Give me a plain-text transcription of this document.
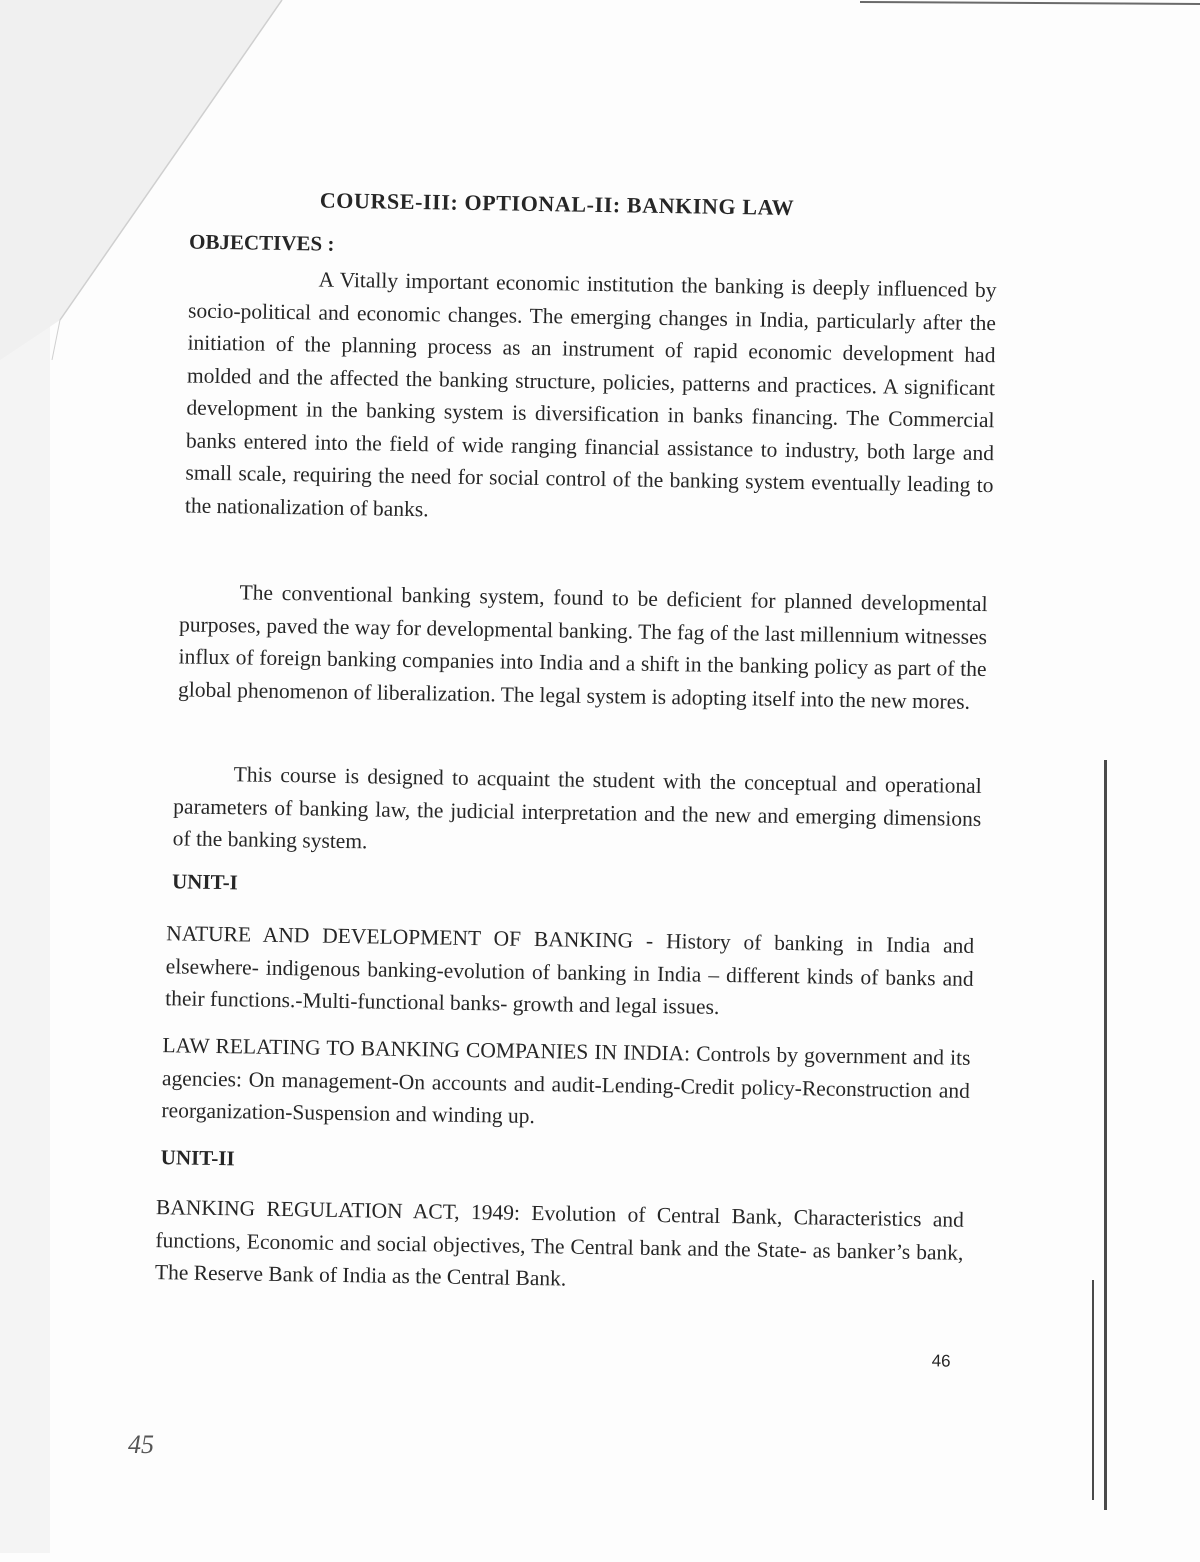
COURSE-III: OPTIONAL-II: BANKING LAW
OBJECTIVES :

A Vitally important economic institution the banking is deeply influenced by socio-political and economic changes. The emerging changes in India, particularly after the initiation of the planning process as an instrument of rapid economic development had molded and the affected the banking structure, policies, patterns and practices. A significant development in the banking system is diversification in banks financing. The Commercial banks entered into the field of wide ranging financial assistance to industry, both large and small scale, requiring the need for social control of the banking system eventually leading to the nationalization of banks.

The conventional banking system, found to be deficient for planned developmental purposes, paved the way for developmental banking. The fag of the last millennium witnesses influx of foreign banking companies into India and a shift in the banking policy as part of the global phenomenon of liberalization. The legal system is adopting itself into the new mores.

This course is designed to acquaint the student with the conceptual and operational parameters of banking law, the judicial interpretation and the new and emerging dimensions of the banking system.

UNIT-I

NATURE AND DEVELOPMENT OF BANKING - History of banking in India and elsewhere- indigenous banking-evolution of banking in India – different kinds of banks and their functions.-Multi-functional banks- growth and legal issues.

LAW RELATING TO BANKING COMPANIES IN INDIA: Controls by government and its agencies: On management-On accounts and audit-Lending-Credit policy-Reconstruction and reorganization-Suspension and winding up.

UNIT-II

BANKING REGULATION ACT, 1949: Evolution of Central Bank, Characteristics and functions, Economic and social objectives, The Central bank and the State- as banker’s bank, The Reserve Bank of India as the Central Bank.

46
45
